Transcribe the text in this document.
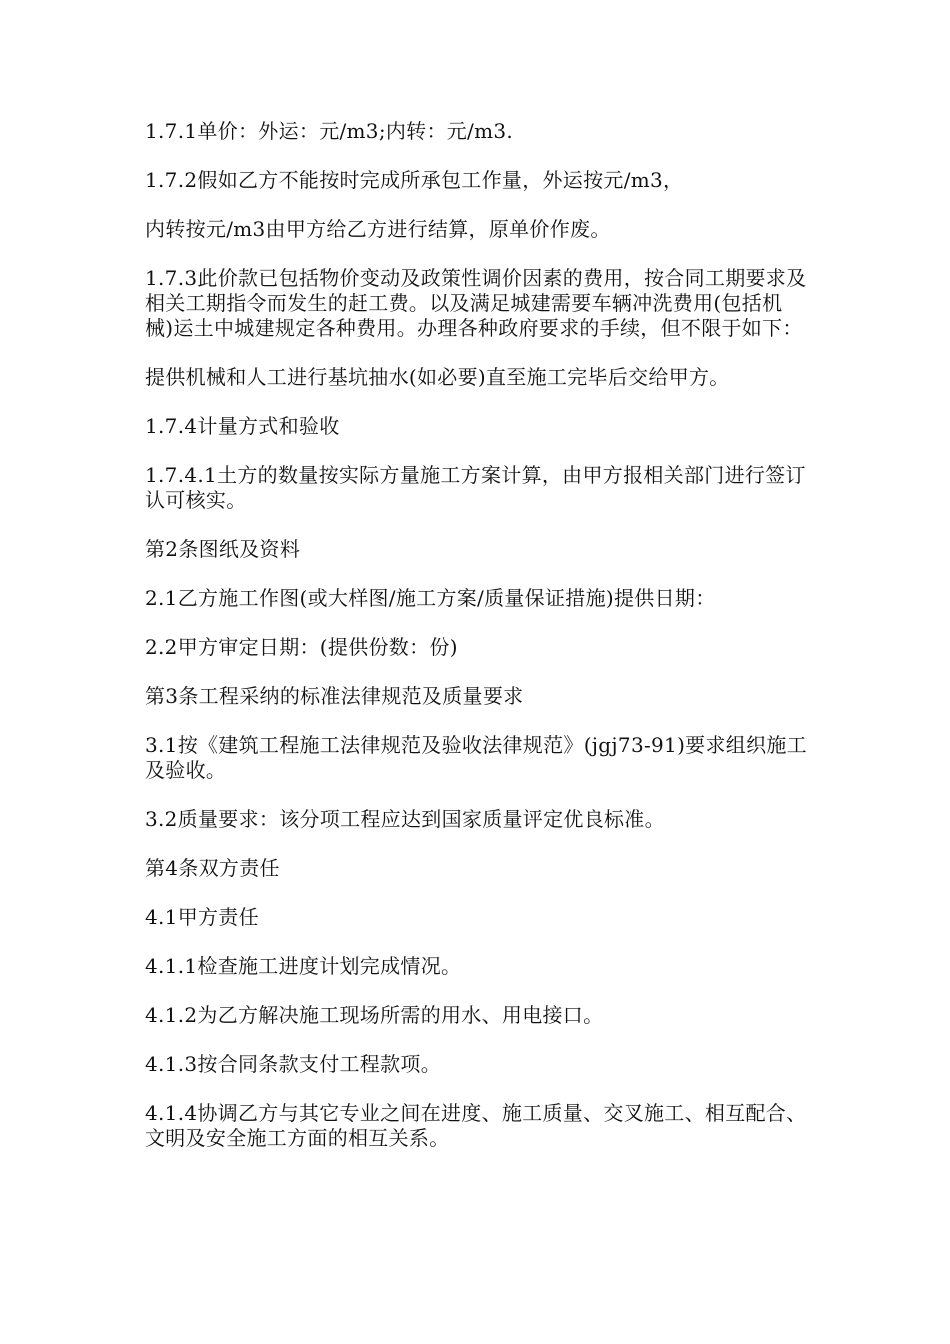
1.7.1单价：外运：元/m3;内转：元/m3.

1.7.2假如乙方不能按时完成所承包工作量，外运按元/m3，

内转按元/m3由甲方给乙方进行结算，原单价作废。

1.7.3此价款已包括物价变动及政策性调价因素的费用，按合同工期要求及相关工期指令而发生的赶工费。以及满足城建需要车辆冲洗费用(包括机械)运土中城建规定各种费用。办理各种政府要求的手续，但不限于如下：

提供机械和人工进行基坑抽水(如必要)直至施工完毕后交给甲方。

1.7.4计量方式和验收

1.7.4.1土方的数量按实际方量施工方案计算，由甲方报相关部门进行签订认可核实。

第2条图纸及资料

2.1乙方施工作图(或大样图/施工方案/质量保证措施)提供日期：

2.2甲方审定日期：(提供份数：份)

第3条工程采纳的标准法律规范及质量要求

3.1按《建筑工程施工法律规范及验收法律规范》(jgj73-91)要求组织施工及验收。

3.2质量要求：该分项工程应达到国家质量评定优良标准。

第4条双方责任

4.1甲方责任

4.1.1检查施工进度计划完成情况。

4.1.2为乙方解决施工现场所需的用水、用电接口。

4.1.3按合同条款支付工程款项。

4.1.4协调乙方与其它专业之间在进度、施工质量、交叉施工、相互配合、文明及安全施工方面的相互关系。
